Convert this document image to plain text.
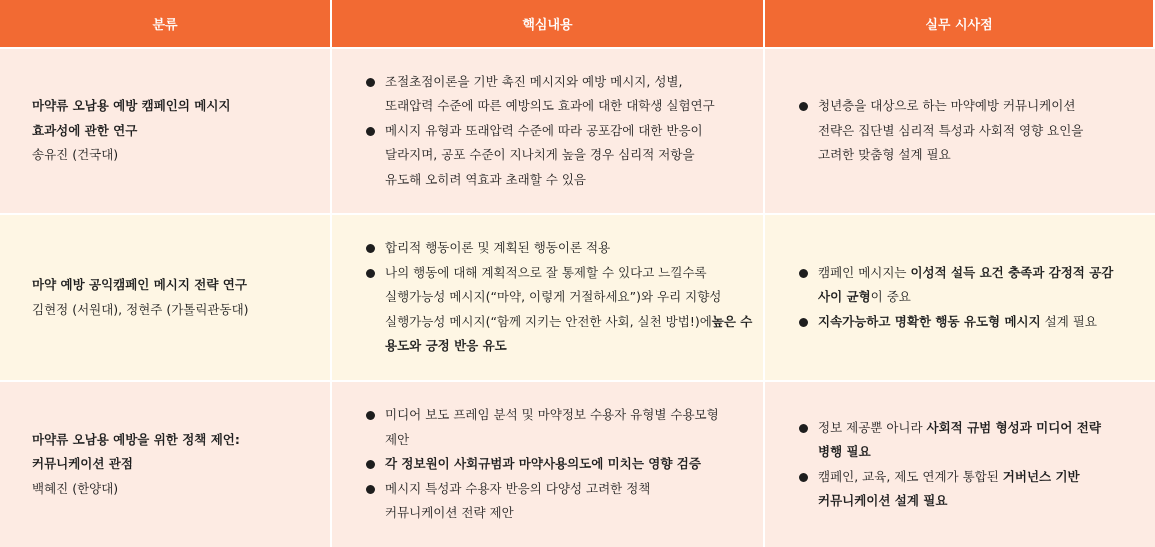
분류	핵심내용	실무 시사점
마약류 오남용 예방 캠페인의 메시지
효과성에 관한 연구
송유진 (건국대)
조절초점이론을 기반 촉진 메시지와 예방 메시지, 성별,
또래압력 수준에 따른 예방의도 효과에 대한 대학생 실험연구
메시지 유형과 또래압력 수준에 따라 공포감에 대한 반응이
달라지며, 공포 수준이 지나치게 높을 경우 심리적 저항을
유도해 오히려 역효과 초래할 수 있음
청년층을 대상으로 하는 마약예방 커뮤니케이션
전략은 집단별 심리적 특성과 사회적 영향 요인을
고려한 맞춤형 설계 필요
마약 예방 공익캠페인 메시지 전략 연구
김현정 (서원대), 정현주 (가톨릭관동대)
합리적 행동이론 및 계획된 행동이론 적용
나의 행동에 대해 계획적으로 잘 통제할 수 있다고 느낄수록
실행가능성 메시지(“마약, 이렇게 거절하세요”)와 우리 지향성
실행가능성 메시지(“함께 지키는 안전한 사회, 실천 방법!)에높은 수용도와 긍정 반응 유도
캠페인 메시지는 이성적 설득 요건 충족과 감정적 공감
사이 균형이 중요
지속가능하고 명확한 행동 유도형 메시지 설계 필요
마약류 오남용 예방을 위한 정책 제언:
커뮤니케이션 관점
백혜진 (한양대)
미디어 보도 프레임 분석 및 마약정보 수용자 유형별 수용모형
제안
각 정보원이 사회규범과 마약사용의도에 미치는 영향 검증
메시지 특성과 수용자 반응의 다양성 고려한 정책
커뮤니케이션 전략 제안
정보 제공뿐 아니라 사회적 규범 형성과 미디어 전략
병행 필요
캠페인, 교육, 제도 연계가 통합된 거버넌스 기반
커뮤니케이션 설계 필요
